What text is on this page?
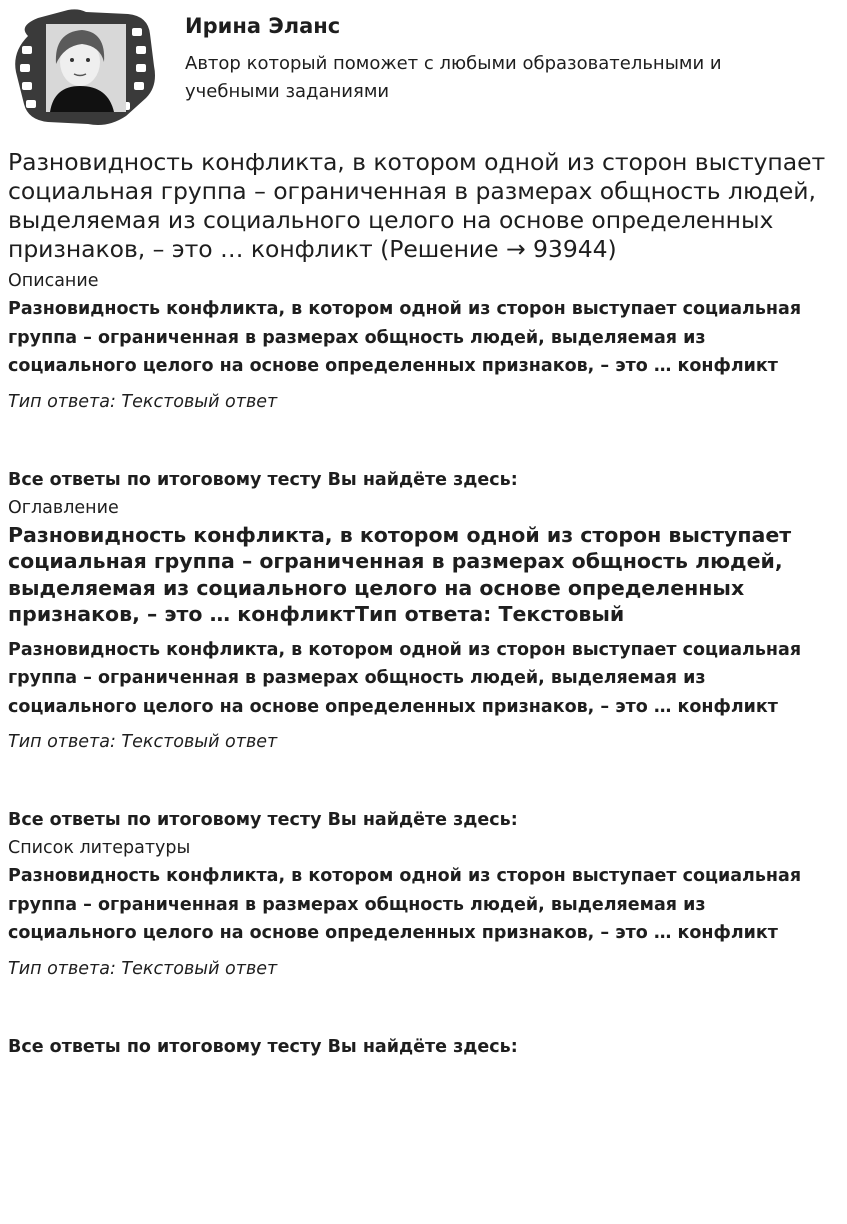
Ирина Эланс

Автор который поможет с любыми образовательными и учебными заданиями

Разновидность конфликта, в котором одной из сторон выступает социальная группа – ограниченная в размерах общность людей, выделяемая из социального целого на основе определенных признаков, – это … конфликт (Решение → 93944)
Описание

Разновидность конфликта, в котором одной из сторон выступает социальная группа – ограниченная в размерах общность людей, выделяемая из социального целого на основе определенных признаков, – это … конфликт

Тип ответа: Текстовый ответ

Все ответы по итоговому тесту Вы найдёте здесь:

Оглавление
Разновидность конфликта, в котором одной из сторон выступает социальная группа – ограниченная в размерах общность людей, выделяемая из социального целого на основе определенных признаков, – это … конфликтТип ответа: Текстовый

Разновидность конфликта, в котором одной из сторон выступает социальная группа – ограниченная в размерах общность людей, выделяемая из социального целого на основе определенных признаков, – это … конфликт

Тип ответа: Текстовый ответ

Все ответы по итоговому тесту Вы найдёте здесь:

Список литературы

Разновидность конфликта, в котором одной из сторон выступает социальная группа – ограниченная в размерах общность людей, выделяемая из социального целого на основе определенных признаков, – это … конфликт

Тип ответа: Текстовый ответ

Все ответы по итоговому тесту Вы найдёте здесь:
